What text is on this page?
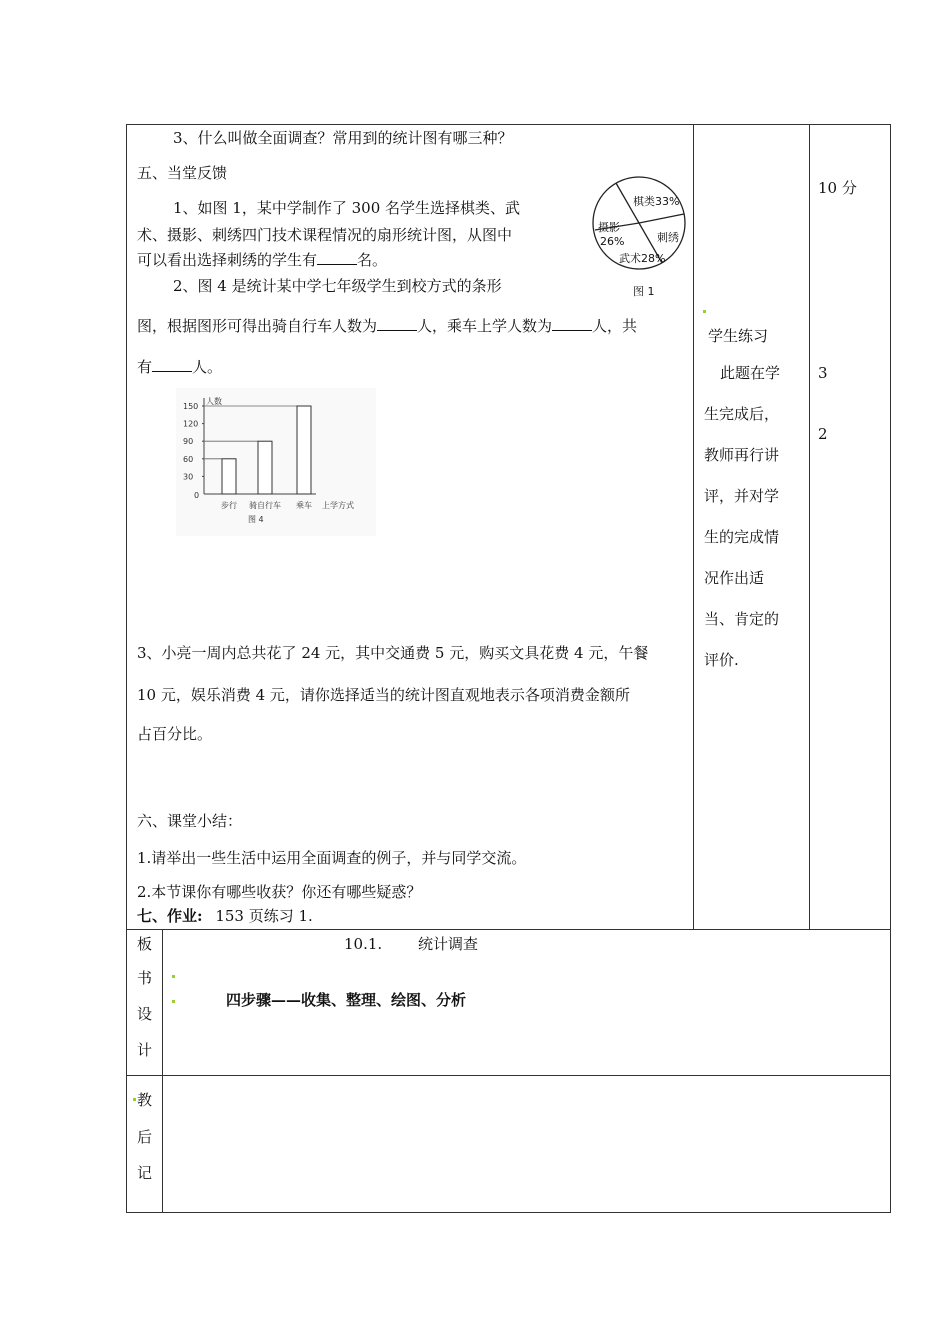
3、什么叫做全面调查？常用到的统计图有哪三种？
五、当堂反馈
1、如图 1，某中学制作了 300 名学生选择棋类、武
术、摄影、刺绣四门技术课程情况的扇形统计图，从图中
可以看出选择刺绣的学生有	名。
2、图 4 是统计某中学七年级学生到校方式的条形
图，根据图形可得出骑自行车人数为	人，乘车上学人数为	人，共
有	人。
棋类33%
刺绣
武术28%
摄影
26%
图 1
人数
0
30
60
90
120
150
步行 骑自行车 乘车 上学方式
图 4
3、小亮一周内总共花了 24 元，其中交通费 5 元，购买文具花费 4 元，午餐
10 元，娱乐消费 4 元，请你选择适当的统计图直观地表示各项消费金额所
占百分比。
六、课堂小结：
1.请举出一些生活中运用全面调查的例子，并与同学交流。
2.本节课你有哪些收获？你还有哪些疑惑？
七、作业: 153 页练习 1.
学生练习
此题在学
生完成后，
教师再行讲
评，并对学
生的完成情
况作出适
当、肯定的
评价.
10 分
3
2
板
书
设
计
10.1. 统计调查
四步骤——收集、整理、绘图、分析
教
后
记
